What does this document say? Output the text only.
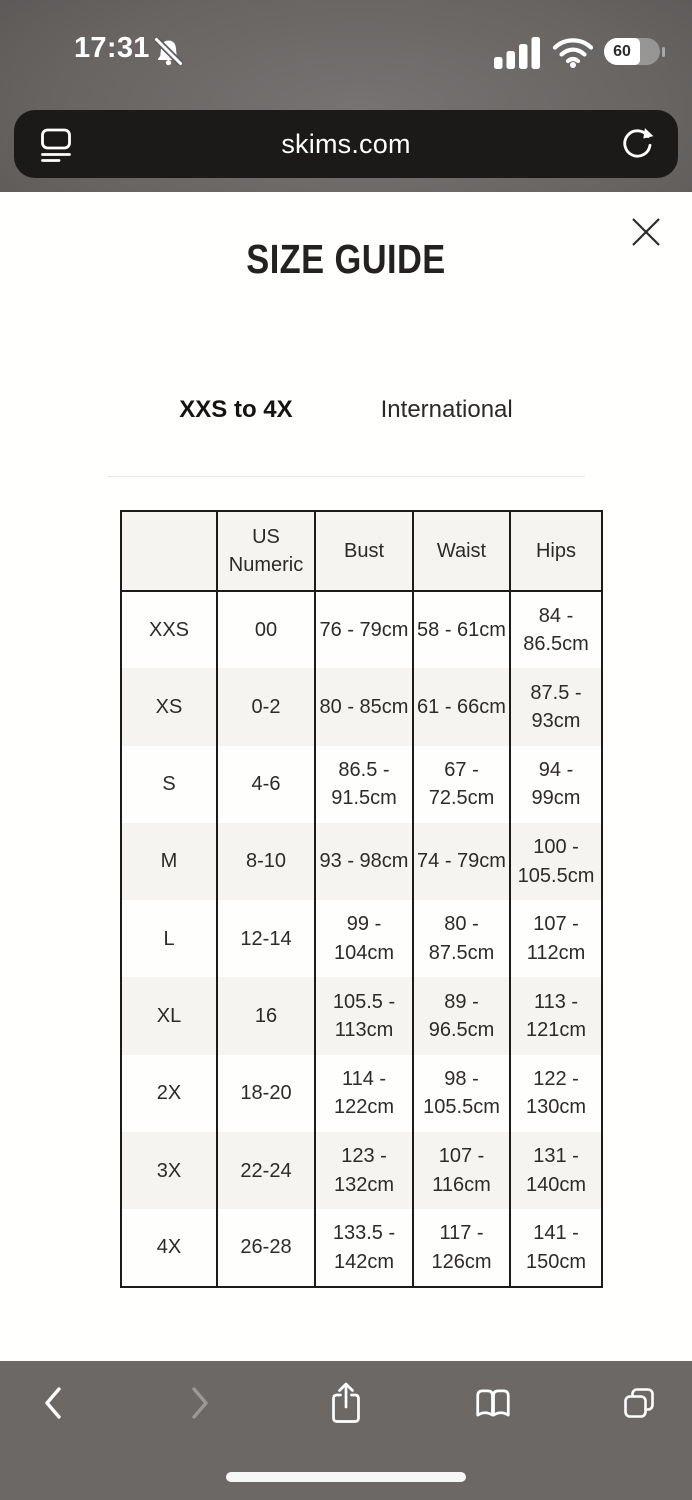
17:31	60
skims.com
SIZE GUIDE
XXS to 4X	International
	US Numeric	Bust	Waist	Hips
XXS	00	76 - 79cm	58 - 61cm	84 - 86.5cm
XS	0-2	80 - 85cm	61 - 66cm	87.5 - 93cm
S	4-6	86.5 - 91.5cm	67 - 72.5cm	94 - 99cm
M	8-10	93 - 98cm	74 - 79cm	100 - 105.5cm
L	12-14	99 - 104cm	80 - 87.5cm	107 - 112cm
XL	16	105.5 - 113cm	89 - 96.5cm	113 - 121cm
2X	18-20	114 - 122cm	98 - 105.5cm	122 - 130cm
3X	22-24	123 - 132cm	107 - 116cm	131 - 140cm
4X	26-28	133.5 - 142cm	117 - 126cm	141 - 150cm
